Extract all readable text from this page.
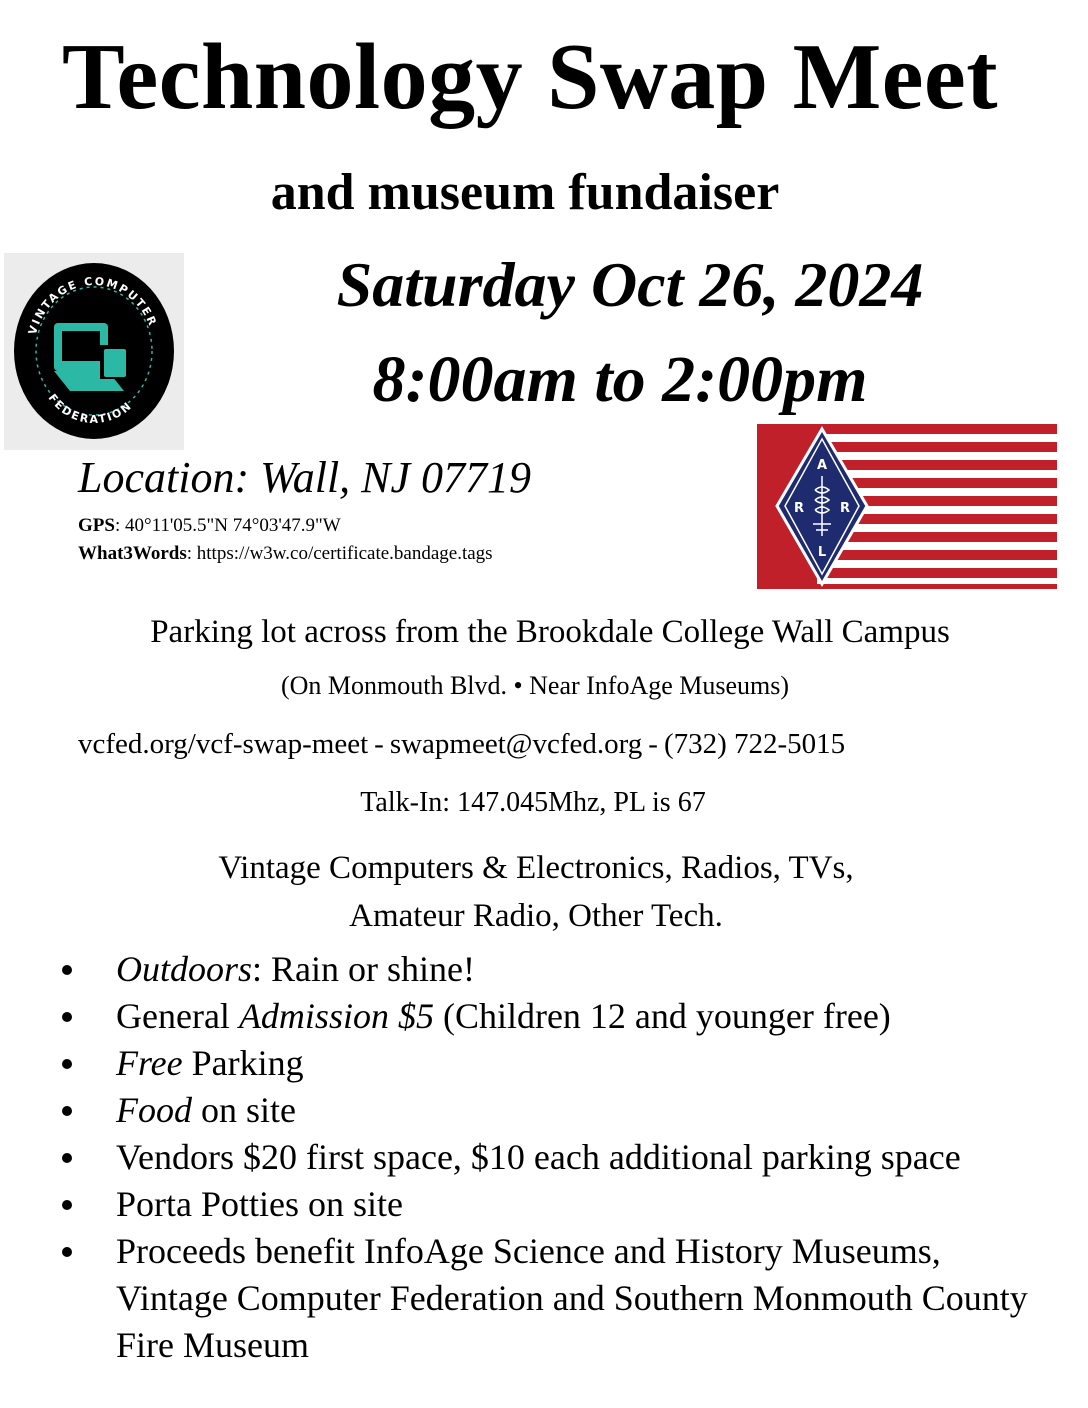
Technology Swap Meet
and museum fundaiser
VINTAGE COMPUTER
FEDERATION
Saturday Oct 26, 2024
8:00am to 2:00pm
A
R	R
L
Location: Wall, NJ 07719
GPS: 40°11'05.5"N 74°03'47.9"W
What3Words: https://w3w.co/certificate.bandage.tags
Parking lot across from the Brookdale College Wall Campus
(On Monmouth Blvd. • Near InfoAge Museums)
vcfed.org/vcf-swap-meet - swapmeet@vcfed.org - (732) 722-5015
Talk-In: 147.045Mhz, PL is 67
Vintage Computers & Electronics, Radios, TVs,
Amateur Radio, Other Tech.
Outdoors: Rain or shine!
General Admission $5 (Children 12 and younger free)
Free Parking
Food on site
Vendors $20 first space, $10 each additional parking space
Porta Potties on site
Proceeds benefit InfoAge Science and History Museums, Vintage Computer Federation and Southern Monmouth County Fire Museum
